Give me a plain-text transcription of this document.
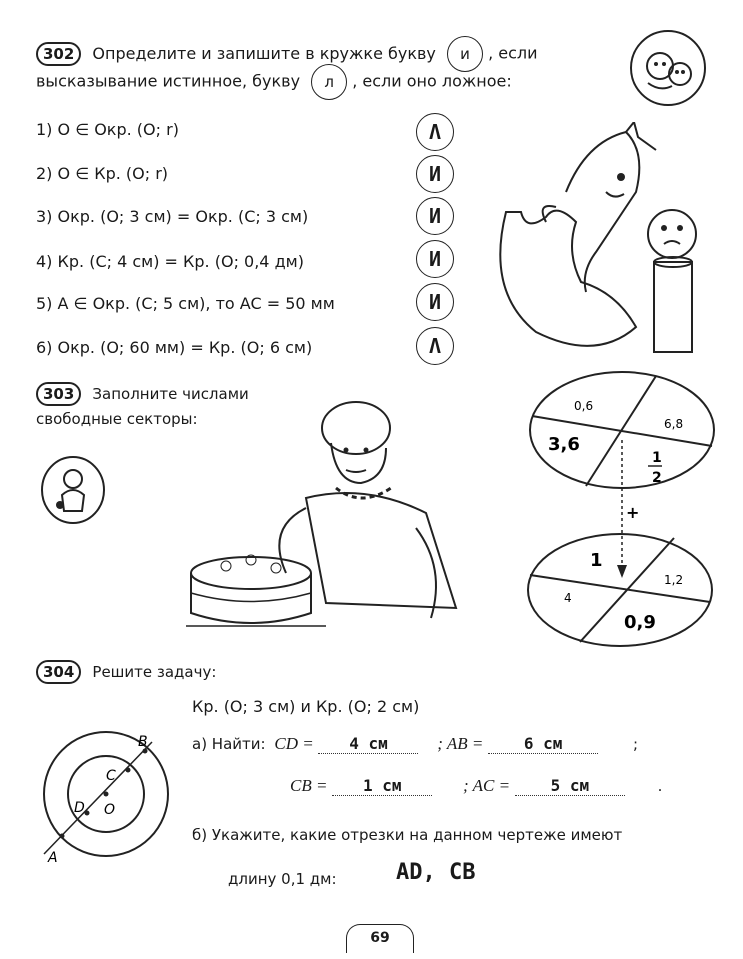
302 Определите и запишите в кружке букву и , если
высказывание истинное, букву л , если оно ложное:
1) O ∈ Окр. (O; r)	Λ
2) O ∈ Кр. (O; r)	И
3) Окр. (O; 3 см) = Окр. (C; 3 см)	И
4) Кр. (C; 4 см) = Кр. (O; 0,4 дм)	И
5) A ∈ Окр. (C; 5 см), то AC = 50 мм	И
6) Окр. (O; 60 мм) = Кр. (O; 6 см)	Λ
303 Заполните числами
свободные секторы:
0,6
6,8
3,6
1
2
+
1
1,2
4
0,9
304 Решите задачу:
Кр. (O; 3 см) и Кр. (O; 2 см)
B
C
D O
A
а) Найти: CD = 4 см	; AB =	6 см	;
CB = 1 см	; AC =	5 см	.
б) Укажите, какие отрезки на данном чертеже имеют
длину 0,1 дм:	AD, CB
69
